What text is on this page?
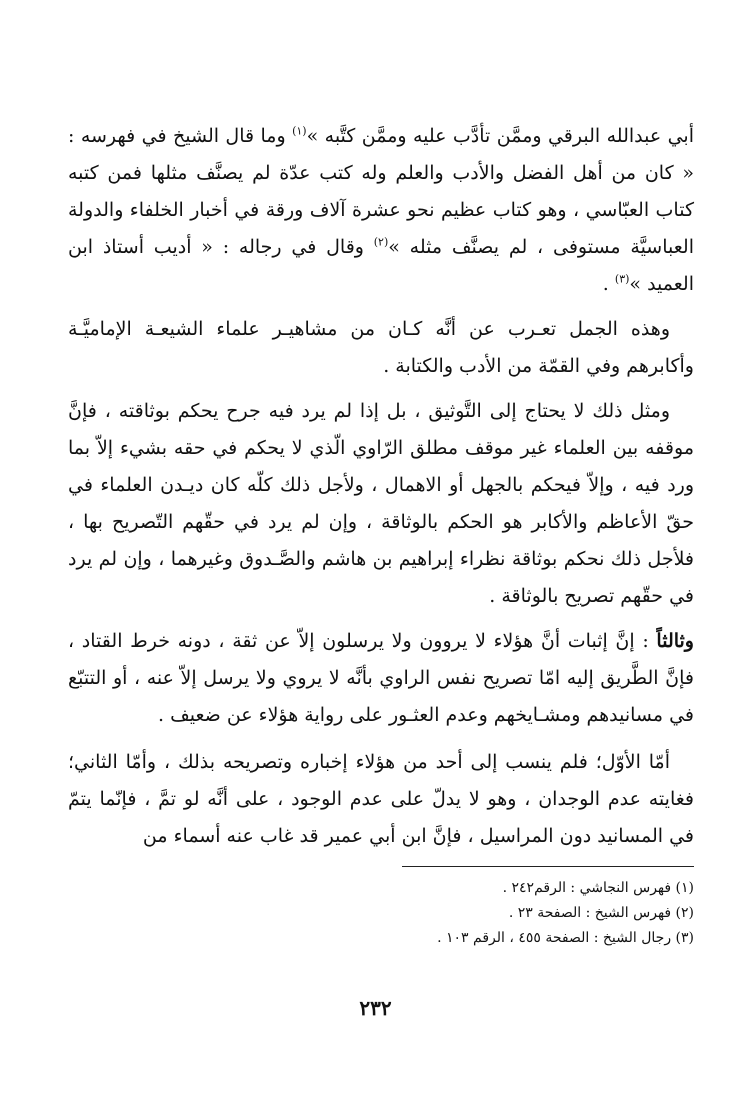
أبي عبدالله البرقي وممَّن تأدَّب عليه وممَّن كتَّبه »$^{(١)}$ وما قال الشيخ في فهرسه : « كان من أهل الفضل والأدب والعلم وله كتب عدّة لم يصنَّف مثلها فمن كتبه كتاب العبّاسي ، وهو كتاب عظيم نحو عشرة آلاف ورقة في أخبار الخلفاء والدولة العباسيَّة مستوفى ، لم يصنَّف مثله »$^{(٢)}$ وقال في رجاله : « أديب أستاذ ابن العميد »$^{(٣)}$ .

وهذه الجمل تعـرب عن أنَّه كـان من مشاهيـر علماء الشيعـة الإماميَّـة وأكابرهم وفي القمّة من الأدب والكتابة .

ومثل ذلك لا يحتاج إلى التَّوثيق ، بل إذا لم يرد فيه جرح يحكم بوثاقته ، فإنَّ موقفه بين العلماء غير موقف مطلق الرّاوي الّذي لا يحكم في حقه بشيء إلاّ بما ورد فيه ، وإلاّ فيحكم بالجهل أو الاهمال ، ولأجل ذلك كلّه كان ديـدن العلماء في حقّ الأعاظم والأكابر هو الحكم بالوثاقة ، وإن لم يرد في حقّهم التّصريح بها ، فلأجل ذلك نحكم بوثاقة نظراء إبراهيم بن هاشم والصَّـدوق وغيرهما ، وإن لم يرد في حقّهم تصريح بالوثاقة .

وثالثاً : إنَّ إثبات أنَّ هؤلاء لا يروون ولا يرسلون إلاّ عن ثقة ، دونه خرط القتاد ، فإنَّ الطَّريق إليه امّا تصريح نفس الراوي بأنَّه لا يروي ولا يرسل إلاّ عنه ، أو التتبّع في مسانيدهم ومشـايخهم وعدم العثـور على رواية هؤلاء عن ضعيف .

أمّا الأوّل؛ فلم ينسب إلى أحد من هؤلاء إخباره وتصريحه بذلك ، وأمّا الثاني؛ فغايته عدم الوجدان ، وهو لا يدلّ على عدم الوجود ، على أنَّه لو تمَّ ، فإنّما يتمّ في المسانيد دون المراسيل ، فإنَّ ابن أبي عمير قد غاب عنه أسماء من

(١) فهرس النجاشي : الرقم٢٤٢ .
(٢) فهرس الشيخ : الصفحة ٢٣ .
(٣) رجال الشيخ : الصفحة ٤٥٥ ، الرقم ١٠٣ .
٢٣٢
